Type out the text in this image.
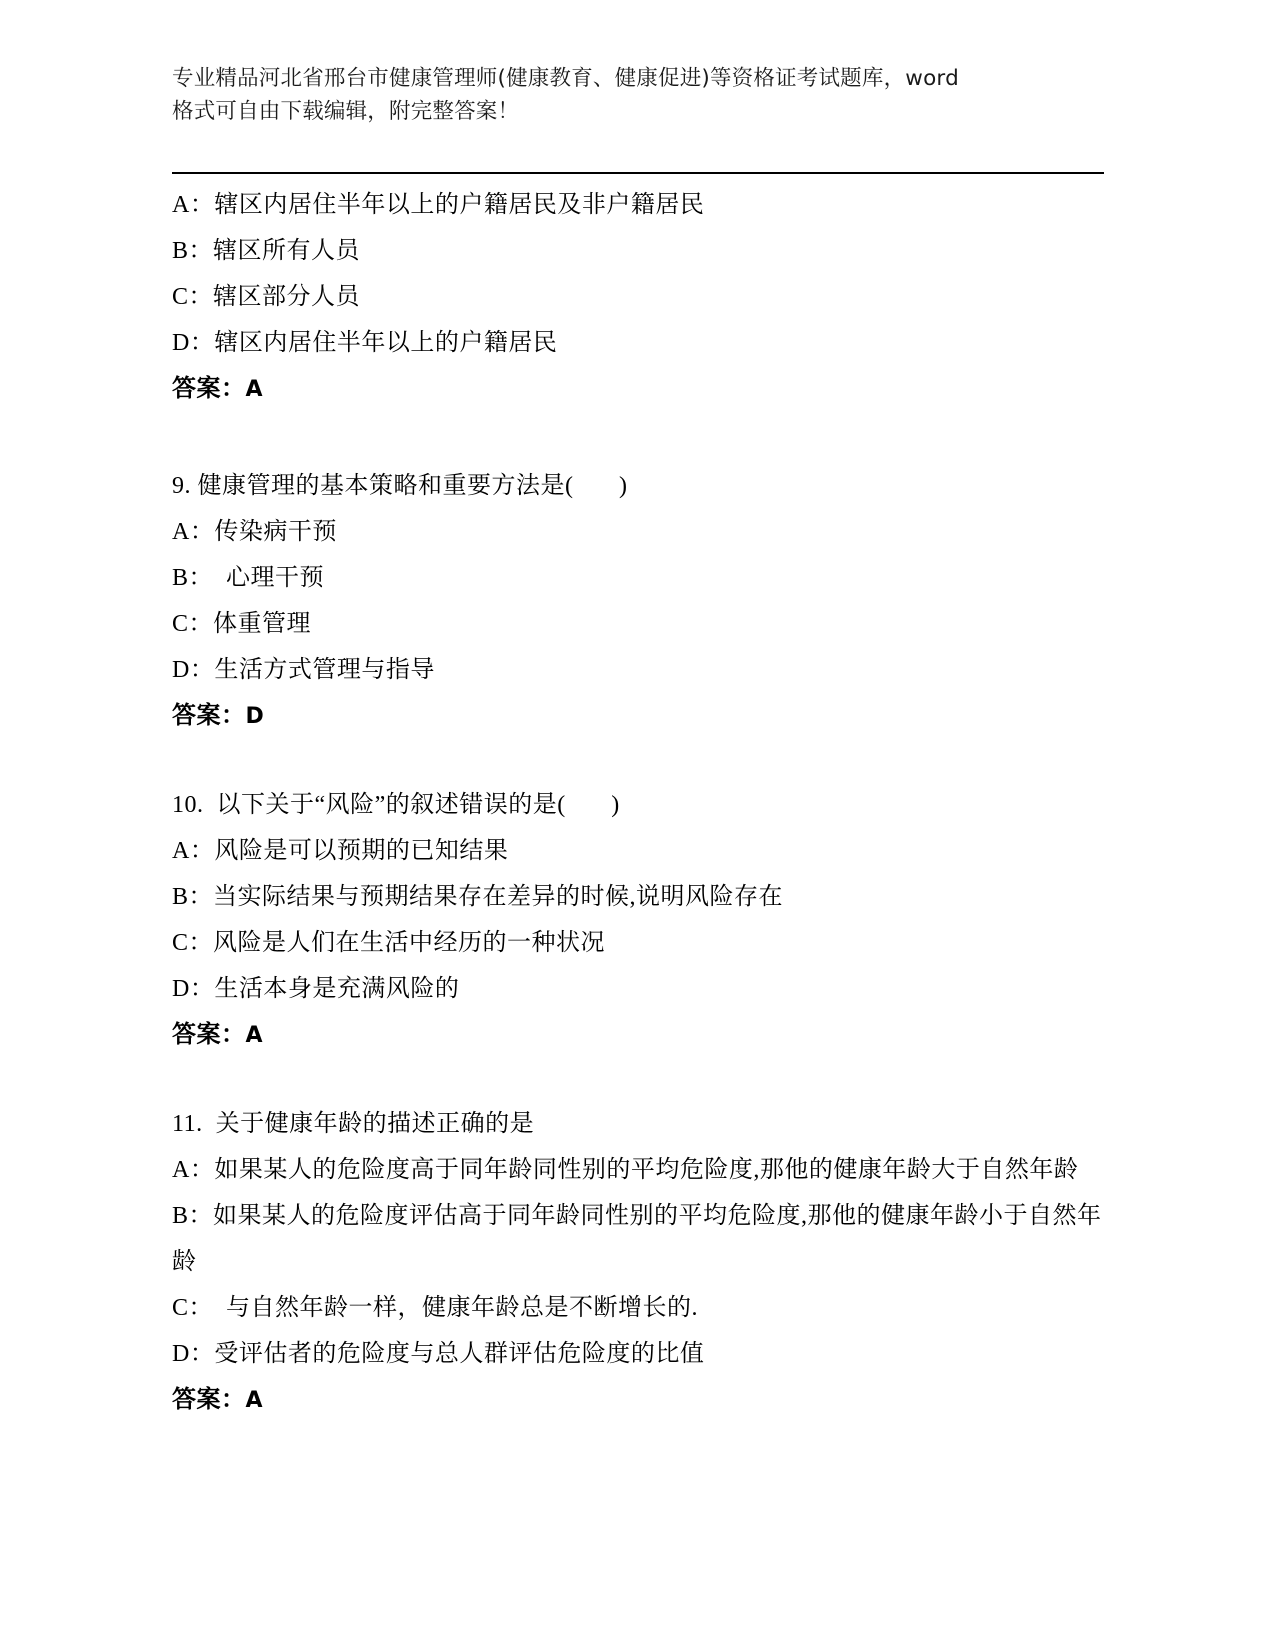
专业精品河北省邢台市健康管理师(健康教育、健康促进)等资格证考试题库，word
格式可自由下载编辑，附完整答案！
A：辖区内居住半年以上的户籍居民及非户籍居民
B：辖区所有人员
C：辖区部分人员
D：辖区内居住半年以上的户籍居民
答案：A
9. 健康管理的基本策略和重要方法是(       )
A：传染病干预
B：  心理干预
C：体重管理
D：生活方式管理与指导
答案：D
10.  以下关于“风险”的叙述错误的是(       )
A：风险是可以预期的已知结果
B：当实际结果与预期结果存在差异的时候,说明风险存在
C：风险是人们在生活中经历的一种状况
D：生活本身是充满风险的
答案：A
11.  关于健康年龄的描述正确的是
A：如果某人的危险度高于同年龄同性别的平均危险度,那他的健康年龄大于自然年龄
B：如果某人的危险度评估高于同年龄同性别的平均危险度,那他的健康年龄小于自然年龄
C：  与自然年龄一样，健康年龄总是不断增长的.
D：受评估者的危险度与总人群评估危险度的比值
答案：A
